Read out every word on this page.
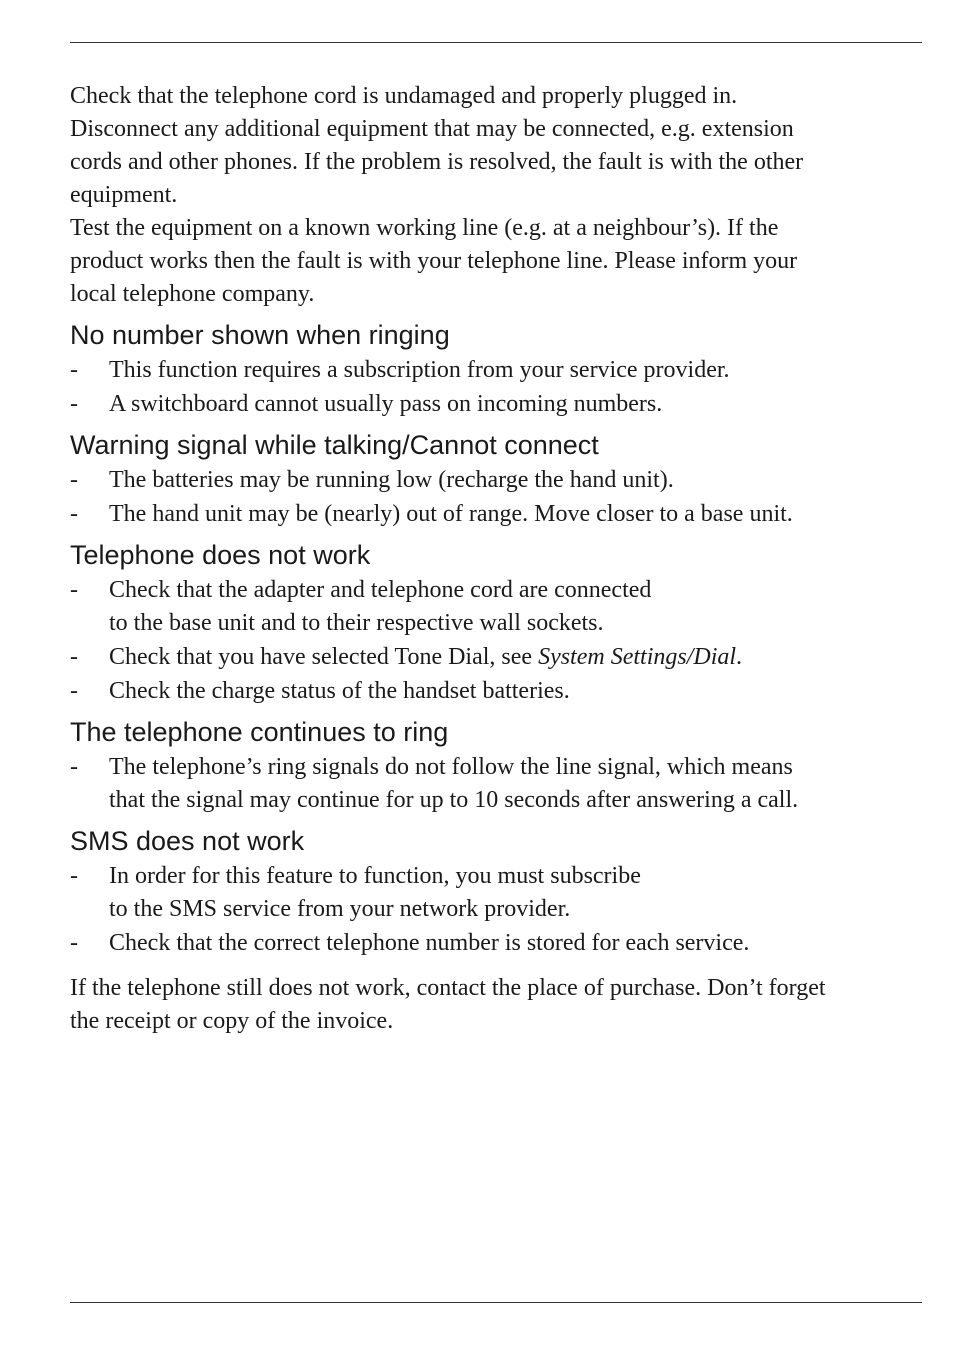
Check that the telephone cord is undamaged and properly plugged in.
Disconnect any additional equipment that may be connected, e.g. extension
cords and other phones. If the problem is resolved, the fault is with the other
equipment.

Test the equipment on a known working line (e.g. at a neighbour’s). If the
product works then the fault is with your telephone line. Please inform your
local telephone company.

No number shown when ringing
- This function requires a subscription from your service provider.
- A switchboard cannot usually pass on incoming numbers.
Warning signal while talking/Cannot connect
- The batteries may be running low (recharge the hand unit).
- The hand unit may be (nearly) out of range. Move closer to a base unit.
Telephone does not work
- Check that the adapter and telephone cord are connected
to the base unit and to their respective wall sockets.
- Check that you have selected Tone Dial, see System Settings/Dial.
- Check the charge status of the handset batteries.
The telephone continues to ring
- The telephone’s ring signals do not follow the line signal, which means
that the signal may continue for up to 10 seconds after answering a call.
SMS does not work
- In order for this feature to function, you must subscribe
to the SMS service from your network provider.
- Check that the correct telephone number is stored for each service.

If the telephone still does not work, contact the place of purchase. Don’t forget
the receipt or copy of the invoice.
